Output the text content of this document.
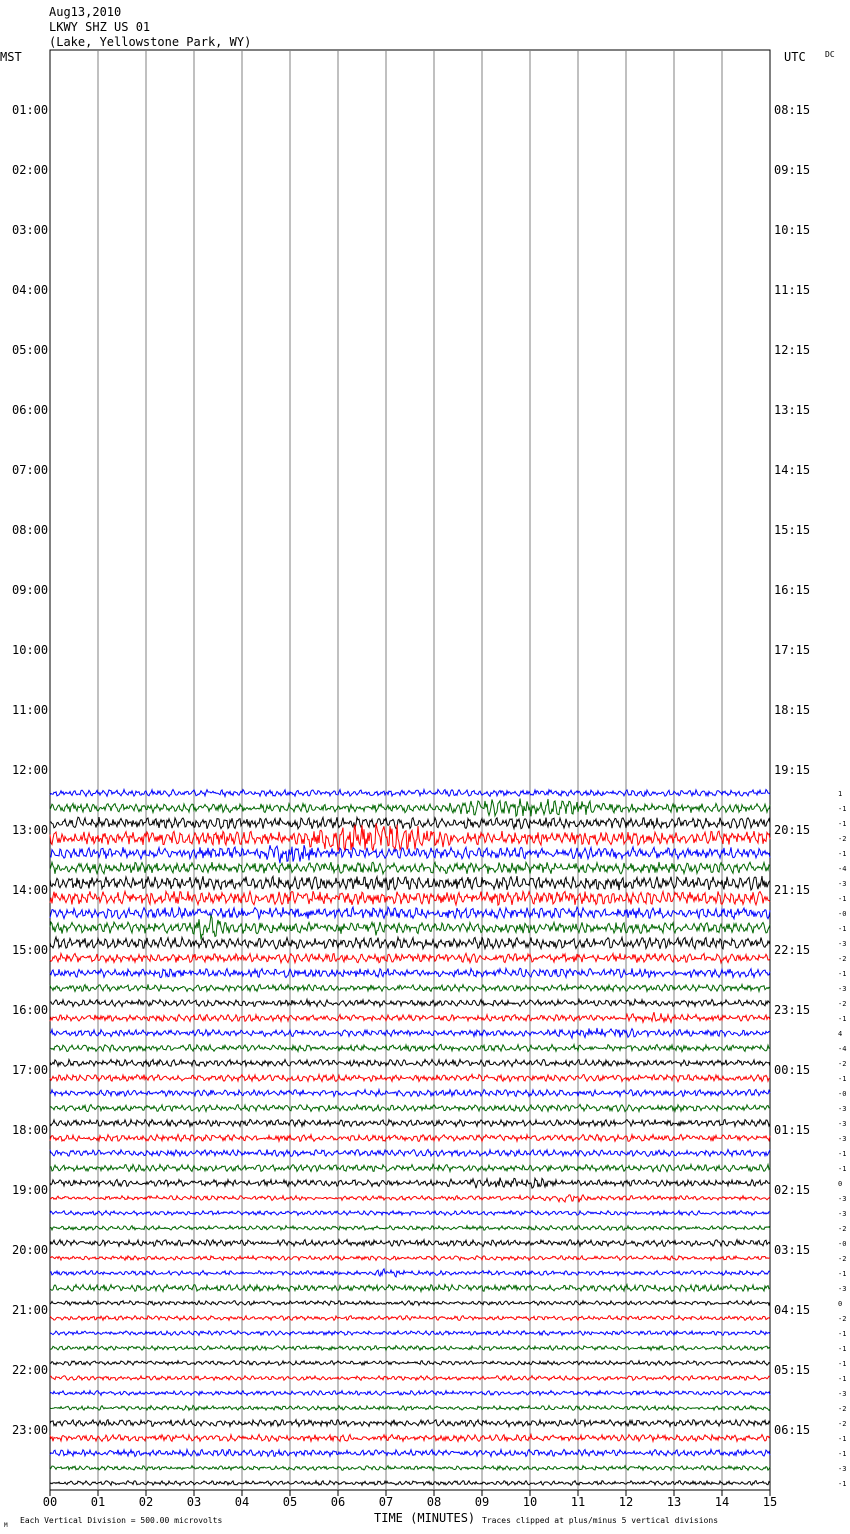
Aug13,2010
LKWY SHZ US 01
(Lake, Yellowstone Park, WY)
MST	UTC DC
01:00	08:15
02:00	09:15
03:00	10:15
04:00	11:15
05:00	12:15
06:00	13:15
07:00	14:15
08:00	15:15
09:00	16:15
10:00	17:15
11:00	18:15
12:00	19:15
13:00	20:15
14:00	21:15
15:00	22:15
16:00	23:15
17:00	00:15
18:00	01:15
19:00	02:15
20:00	03:15
21:00	04:15
22:00	05:15
23:00	06:15
1
-1
-1
-2
-1
-4
-3
-1
-0
-1
-3
-2
-1
-3
-2
-1
4
-4
-2
-1
-0
-3
-3
-3
-1
-1
0
-3
-3
-2
-0
-2
-1
-3
0
-2
-1
-1
-1
-1
-3
-2
-2
-1
-1
-3
-1
00	01	02	03	04	05	06	07	08	09	10	11	12	13	14	15
M
Each Vertical Division = 500.00 microvolts	TIME (MINUTES) Traces clipped at plus/minus 5 vertical divisions
